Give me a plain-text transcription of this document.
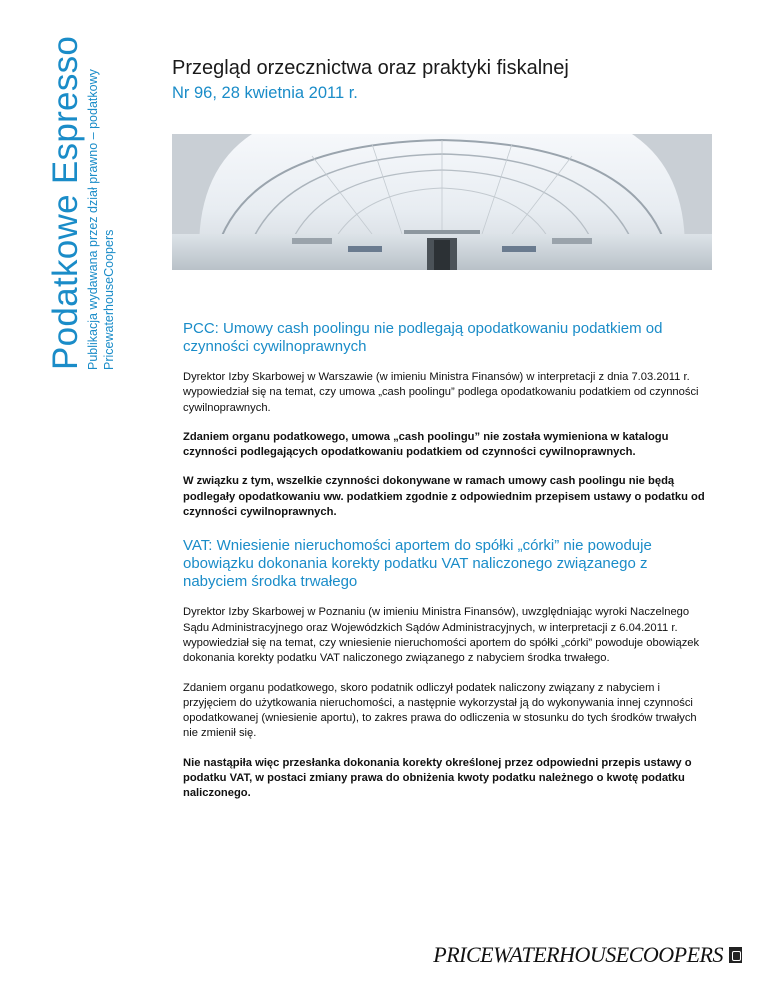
Podatkowe Espresso Publikacja wydawana przez dział prawno – podatkowy PricewaterhouseCoopers
Przegląd orzecznictwa oraz praktyki fiskalnej
Nr 96, 28 kwietnia 2011 r.
PCC: Umowy cash poolingu nie podlegają opodatkowaniu podatkiem od czynności cywilnoprawnych
Dyrektor Izby Skarbowej w Warszawie (w imieniu Ministra Finansów) w interpretacji z dnia 7.03.2011 r. wypowiedział się na temat, czy umowa „cash poolingu” podlega opodatkowaniu podatkiem od czynności cywilnoprawnych.
Zdaniem organu podatkowego, umowa „cash poolingu” nie została wymieniona w katalogu czynności podlegających opodatkowaniu podatkiem od czynności cywilnoprawnych.
W związku z tym, wszelkie czynności dokonywane w ramach umowy cash poolingu nie będą podlegały opodatkowaniu ww. podatkiem zgodnie z odpowiednim przepisem ustawy o podatku od czynności cywilnoprawnych.
VAT: Wniesienie nieruchomości aportem do spółki „córki” nie powoduje obowiązku dokonania korekty podatku VAT naliczonego związanego z nabyciem środka trwałego
Dyrektor Izby Skarbowej w Poznaniu (w imieniu Ministra Finansów), uwzględniając wyroki Naczelnego Sądu Administracyjnego oraz Wojewódzkich Sądów Administracyjnych, w interpretacji z 6.04.2011 r. wypowiedział się na temat, czy wniesienie nieruchomości aportem do spółki „córki” powoduje obowiązek dokonania korekty podatku VAT naliczonego związanego z nabyciem środka trwałego.
Zdaniem organu podatkowego, skoro podatnik odliczył podatek naliczony związany z nabyciem i przyjęciem do użytkowania nieruchomości, a następnie wykorzystał ją do wykonywania innej czynności opodatkowanej (wniesienie aportu), to zakres prawa do odliczenia w stosunku do tych środków trwałych nie zmienił się.
Nie nastąpiła więc przesłanka dokonania korekty określonej przez odpowiedni przepis ustawy o podatku VAT, w postaci zmiany prawa do obniżenia kwoty podatku należnego o kwotę podatku naliczonego.
PRICEWATERHOUSECOOPERS
